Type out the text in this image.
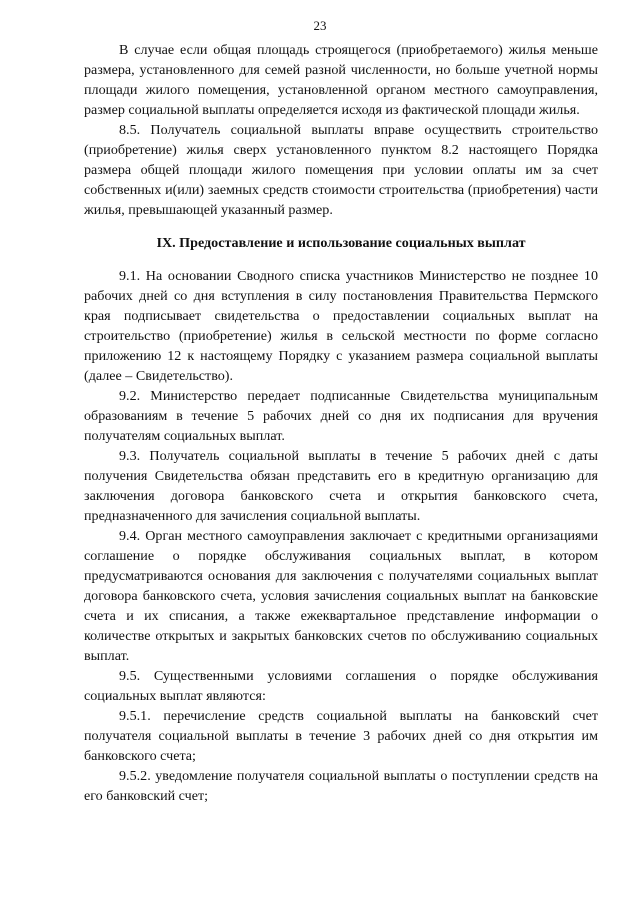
23

В случае если общая площадь строящегося (приобретаемого) жилья меньше размера, установленного для семей разной численности, но больше учетной нормы площади жилого помещения, установленной органом местного самоуправления, размер социальной выплаты определяется исходя из фактической площади жилья.

8.5. Получатель социальной выплаты вправе осуществить строительство (приобретение) жилья сверх установленного пунктом 8.2 настоящего Порядка размера общей площади жилого помещения при условии оплаты им за счет собственных и(или) заемных средств стоимости строительства (приобретения) части жилья, превышающей указанный размер.

IX. Предоставление и использование социальных выплат

9.1. На основании Сводного списка участников Министерство не позднее 10 рабочих дней со дня вступления в силу постановления Правительства Пермского края подписывает свидетельства о предоставлении социальных выплат на строительство (приобретение) жилья в сельской местности по форме согласно приложению 12 к настоящему Порядку с указанием размера социальной выплаты (далее – Свидетельство).

9.2. Министерство передает подписанные Свидетельства муниципальным образованиям в течение 5 рабочих дней со дня их подписания для вручения получателям социальных выплат.

9.3. Получатель социальной выплаты в течение 5 рабочих дней с даты получения Свидетельства обязан представить его в кредитную организацию для заключения договора банковского счета и открытия банковского счета, предназначенного для зачисления социальной выплаты.

9.4. Орган местного самоуправления заключает с кредитными организациями соглашение о порядке обслуживания социальных выплат, в котором предусматриваются основания для заключения с получателями социальных выплат договора банковского счета, условия зачисления социальных выплат на банковские счета и их списания, а также ежеквартальное представление информации о количестве открытых и закрытых банковских счетов по обслуживанию социальных выплат.

9.5. Существенными условиями соглашения о порядке обслуживания социальных выплат являются:

9.5.1. перечисление средств социальной выплаты на банковский счет получателя социальной выплаты в течение 3 рабочих дней со дня открытия им банковского счета;

9.5.2. уведомление получателя социальной выплаты о поступлении средств на его банковский счет;
